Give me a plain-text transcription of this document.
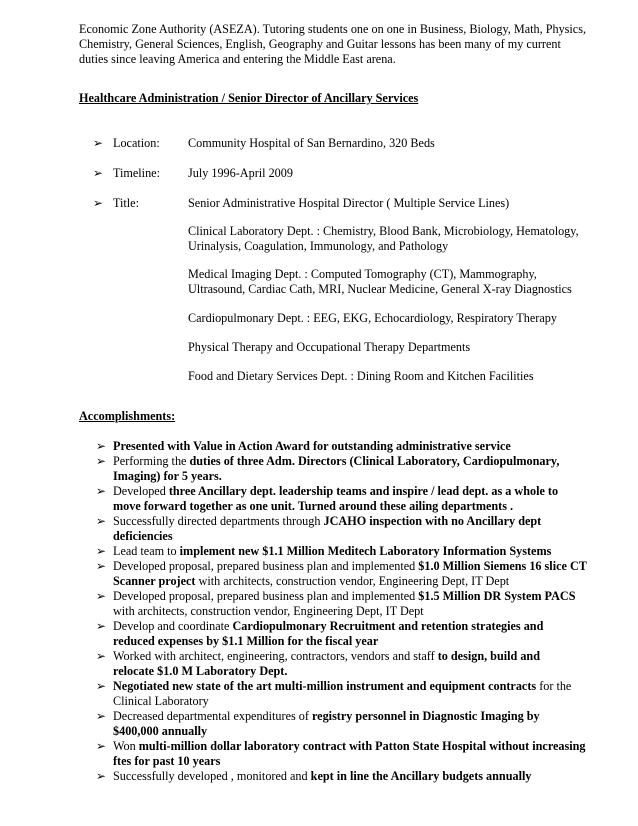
Economic Zone Authority (ASEZA). Tutoring students one on one in Business, Biology, Math, Physics,
Chemistry, General Sciences, English, Geography and Guitar lessons has been many of my current
duties since leaving America and entering the Middle East arena.
Healthcare Administration / Senior Director of Ancillary Services
➢ Location: Community Hospital of San Bernardino, 320 Beds
➢ Timeline: July 1996-April 2009
➢ Title:	Senior Administrative Hospital Director ( Multiple Service Lines)
Clinical Laboratory Dept. : Chemistry, Blood Bank, Microbiology, Hematology,
Urinalysis, Coagulation, Immunology, and Pathology
Medical Imaging Dept. : Computed Tomography (CT), Mammography,
Ultrasound, Cardiac Cath, MRI, Nuclear Medicine, General X-ray Diagnostics
Cardiopulmonary Dept. : EEG, EKG, Echocardiology, Respiratory Therapy
Physical Therapy and Occupational Therapy Departments
Food and Dietary Services Dept. : Dining Room and Kitchen Facilities
Accomplishments:
➢ Presented with Value in Action Award for outstanding administrative service
➢ Performing the duties of three Adm. Directors (Clinical Laboratory, Cardiopulmonary,
Imaging) for 5 years.
➢ Developed three Ancillary dept. leadership teams and inspire / lead dept. as a whole to
move forward together as one unit. Turned around these ailing departments .
➢ Successfully directed departments through JCAHO inspection with no Ancillary dept
deficiencies
➢ Lead team to implement new $1.1 Million Meditech Laboratory Information Systems
➢ Developed proposal, prepared business plan and implemented $1.0 Million Siemens 16 slice CT
Scanner project with architects, construction vendor, Engineering Dept, IT Dept
➢ Developed proposal, prepared business plan and implemented $1.5 Million DR System PACS
with architects, construction vendor, Engineering Dept, IT Dept
➢ Develop and coordinate Cardiopulmonary Recruitment and retention strategies and
reduced expenses by $1.1 Million for the fiscal year
➢ Worked with architect, engineering, contractors, vendors and staff to design, build and
relocate $1.0 M Laboratory Dept.
➢ Negotiated new state of the art multi-million instrument and equipment contracts for the
Clinical Laboratory
➢ Decreased departmental expenditures of registry personnel in Diagnostic Imaging by
$400,000 annually
➢ Won multi-million dollar laboratory contract with Patton State Hospital without increasing
ftes for past 10 years
➢ Successfully developed , monitored and kept in line the Ancillary budgets annually
